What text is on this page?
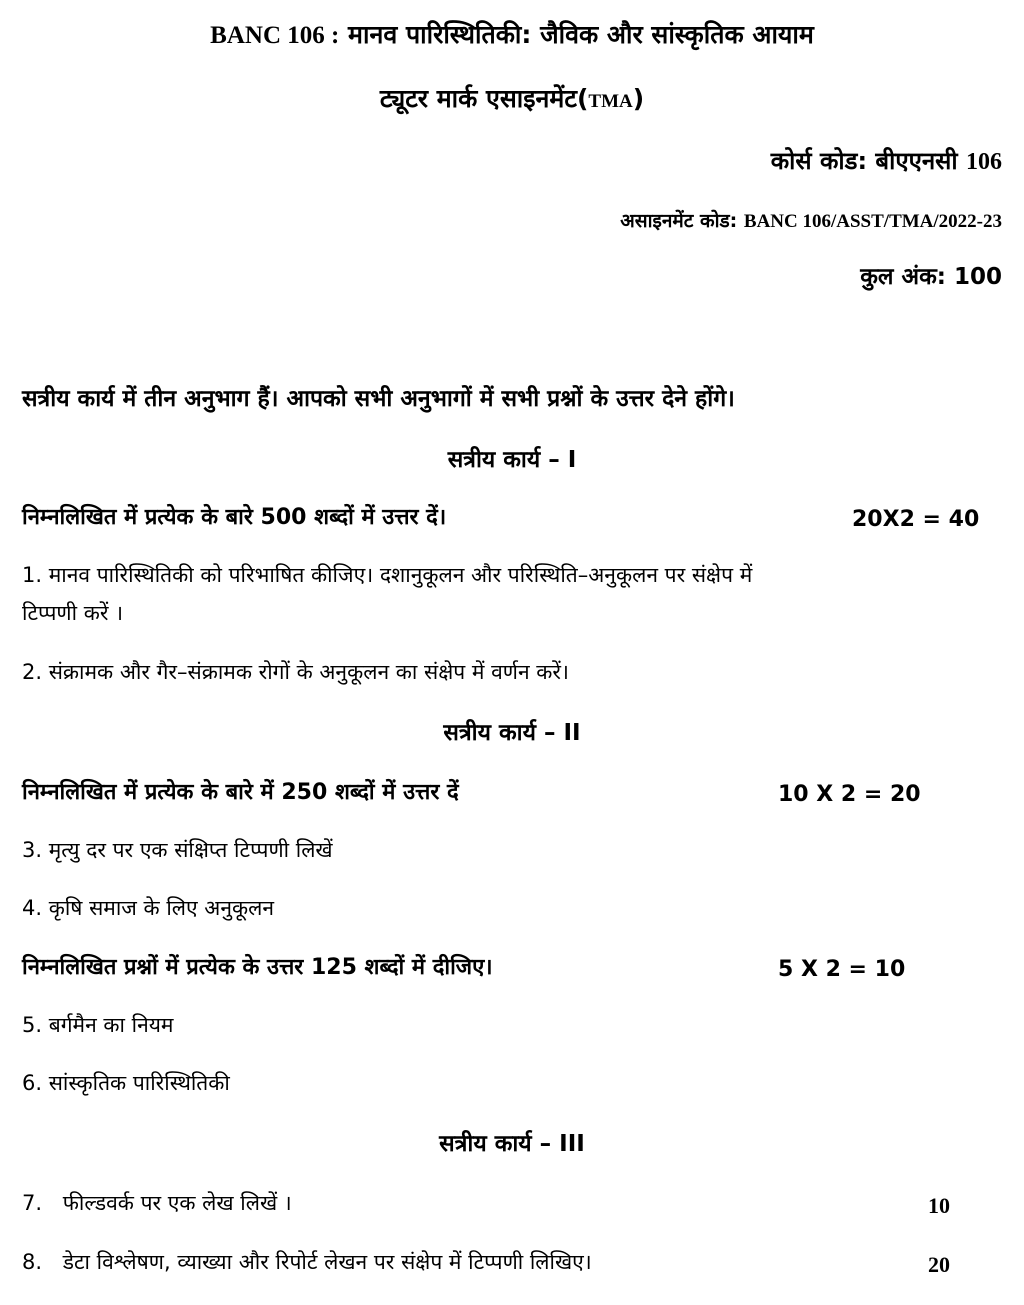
BANC 106 : मानव पारिस्थितिकी: जैविक और सांस्कृतिक आयाम
ट्यूटर मार्क एसाइनमेंट(TMA)
कोर्स कोड: बीएएनसी 106
असाइनमेंट कोड: BANC 106/ASST/TMA/2022-23
कुल अंक: 100
सत्रीय कार्य में तीन अनुभाग हैं। आपको सभी अनुभागों में सभी प्रश्नों के उत्तर देने होंगे।
सत्रीय कार्य – I
निम्नलिखित में प्रत्येक के बारे 500 शब्दों में उत्तर दें।	20X2 = 40
1. मानव पारिस्थितिकी को परिभाषित कीजिए। दशानुकूलन और परिस्थिति–अनुकूलन पर संक्षेप में
टिप्पणी करें ।
2. संक्रामक और गैर–संक्रामक रोगों के अनुकूलन का संक्षेप में वर्णन करें।
सत्रीय कार्य – II
निम्नलिखित में प्रत्येक के बारे में 250 शब्दों में उत्तर दें	10 X 2 = 20
3. मृत्यु दर पर एक संक्षिप्त टिप्पणी लिखें
4. कृषि समाज के लिए अनुकूलन
निम्नलिखित प्रश्नों में प्रत्येक के उत्तर 125 शब्दों में दीजिए।	5 X 2 = 10
5. बर्गमैन का नियम
6. सांस्कृतिक पारिस्थितिकी
सत्रीय कार्य – III
7. फील्डवर्क पर एक लेख लिखें ।	10
8. डेटा विश्लेषण, व्याख्या और रिपोर्ट लेखन पर संक्षेप में टिप्पणी लिखिए।	20
